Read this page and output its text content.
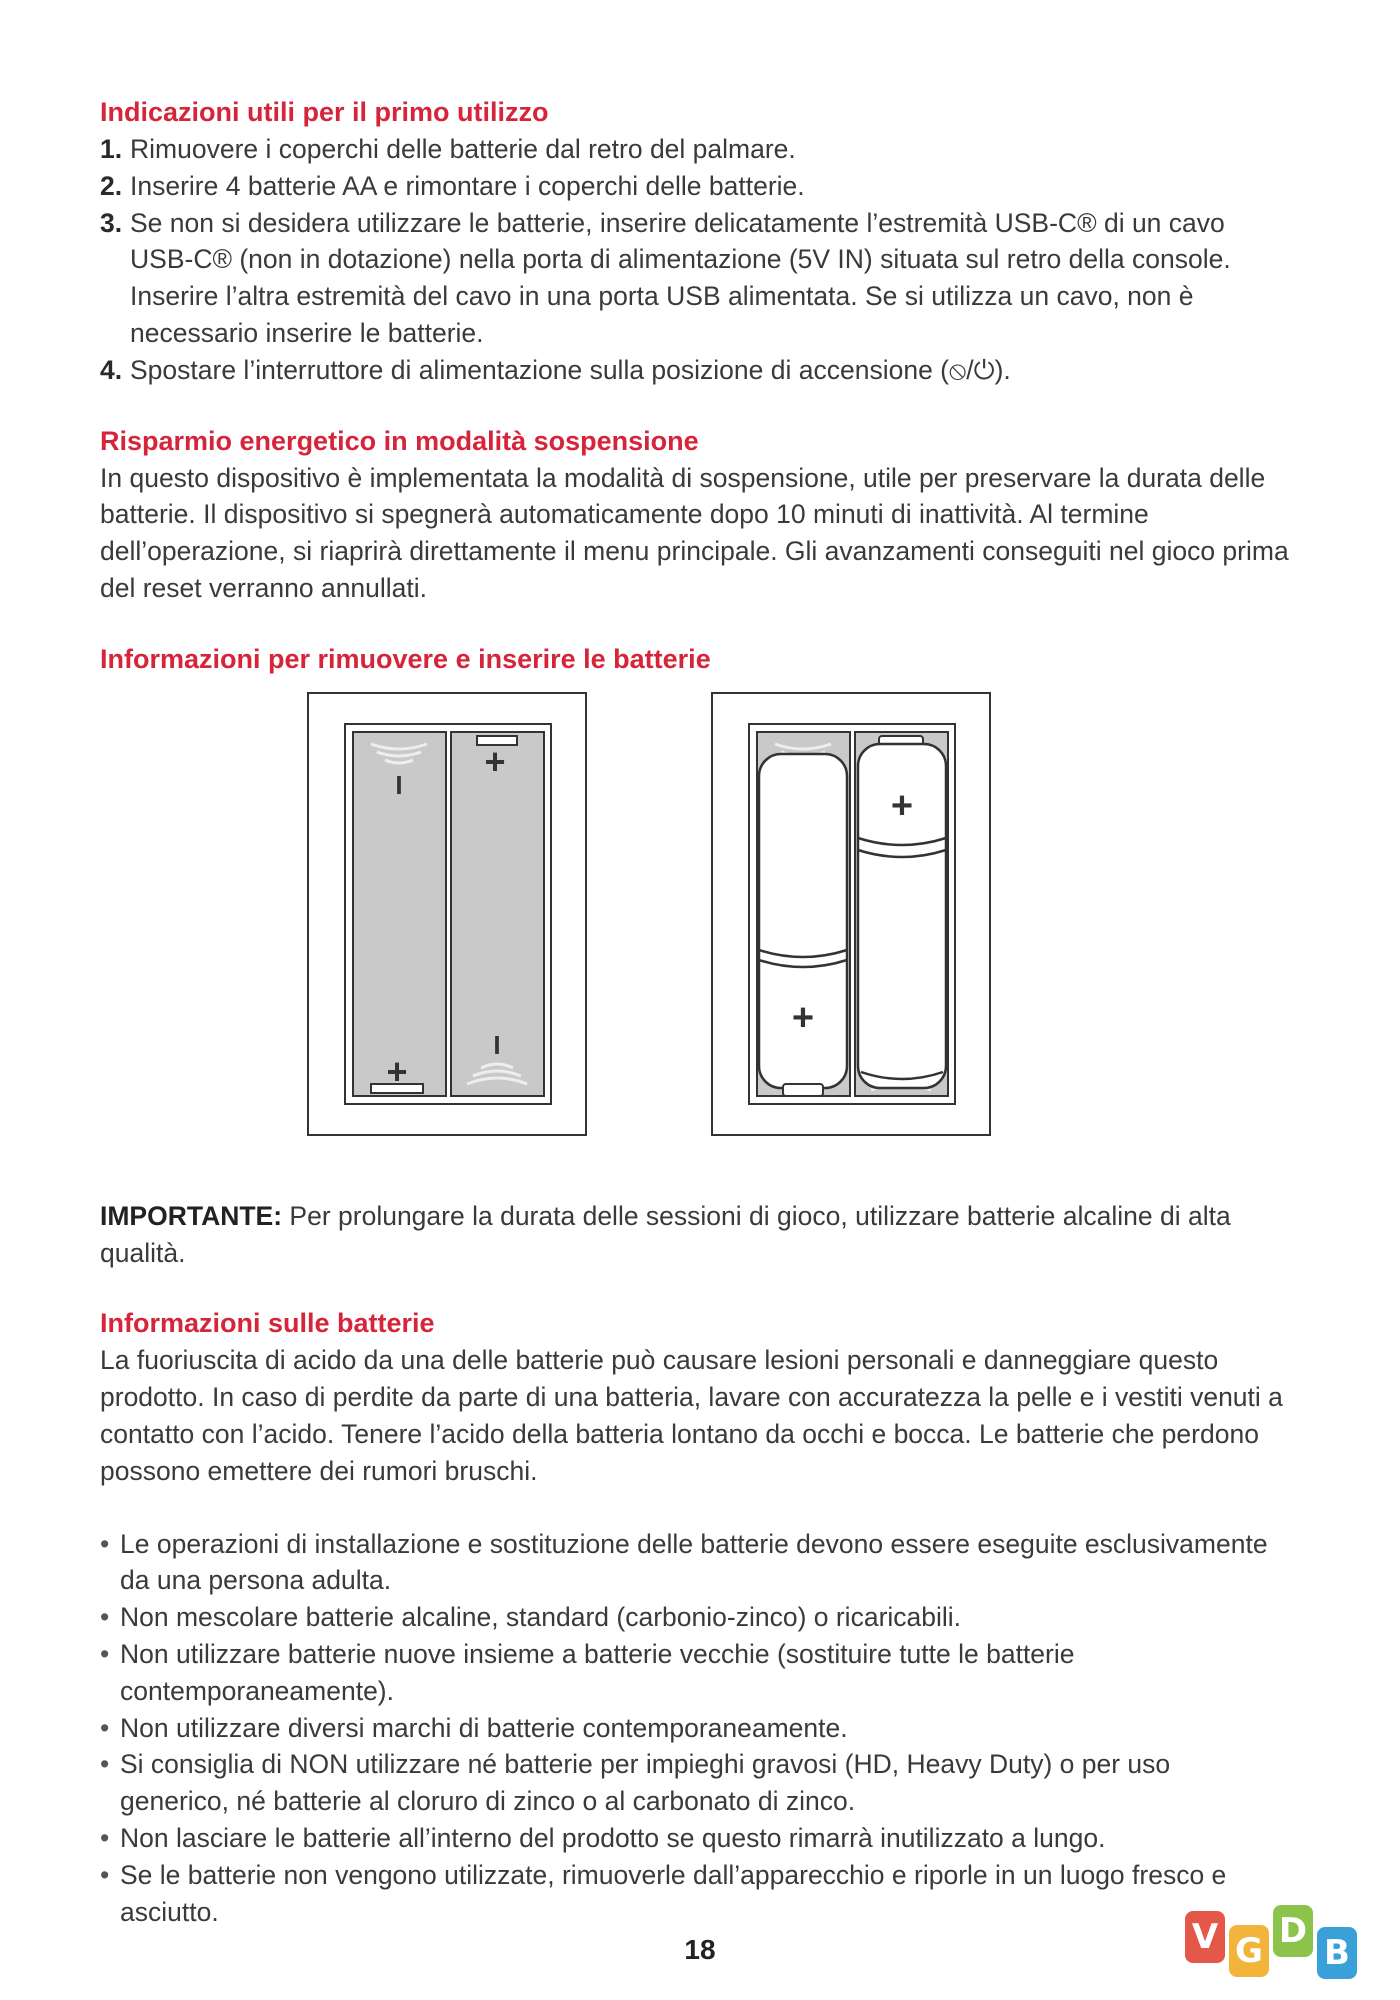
Indicazioni utili per il primo utilizzo
1. Rimuovere i coperchi delle batterie dal retro del palmare.
2. Inserire 4 batterie AA e rimontare i coperchi delle batterie.
3. Se non si desidera utilizzare le batterie, inserire delicatamente l’estremità USB-C® di un cavo USB-C® (non in dotazione) nella porta di alimentazione (5V IN) situata sul retro della console. Inserire l’altra estremità del cavo in una porta USB alimentata. Se si utilizza un cavo, non è necessario inserire le batterie.
4. Spostare l’interruttore di alimentazione sulla posizione di accensione (⦸/⏻).
Risparmio energetico in modalità sospensione

In questo dispositivo è implementata la modalità di sospensione, utile per preservare la durata delle batterie. Il dispositivo si spegnerà automaticamente dopo 10 minuti di inattività. Al termine dell’operazione, si riaprirà direttamente il menu principale. Gli avanzamenti conseguiti nel gioco prima del reset verranno annullati.

Informazioni per rimuovere e inserire le batterie
I
+
+
I
+
+

IMPORTANTE: Per prolungare la durata delle sessioni di gioco, utilizzare batterie alcaline di alta qualità.

Informazioni sulle batterie

La fuoriuscita di acido da una delle batterie può causare lesioni personali e danneggiare questo prodotto. In caso di perdite da parte di una batteria, lavare con accuratezza la pelle e i vestiti venuti a contatto con l’acido. Tenere l’acido della batteria lontano da occhi e bocca. Le batterie che perdono possono emettere dei rumori bruschi.

• Le operazioni di installazione e sostituzione delle batterie devono essere eseguite esclusivamente da una persona adulta.
• Non mescolare batterie alcaline, standard (carbonio-zinco) o ricaricabili.
• Non utilizzare batterie nuove insieme a batterie vecchie (sostituire tutte le batterie contemporaneamente).
• Non utilizzare diversi marchi di batterie contemporaneamente.
• Si consiglia di NON utilizzare né batterie per impieghi gravosi (HD, Heavy Duty) o per uso generico, né batterie al cloruro di zinco o al carbonato di zinco.
• Non lasciare le batterie all’interno del prodotto se questo rimarrà inutilizzato a lungo.
• Se le batterie non vengono utilizzate, rimuoverle dall’apparecchio e riporle in un luogo fresco e asciutto.
18	V G D
B
